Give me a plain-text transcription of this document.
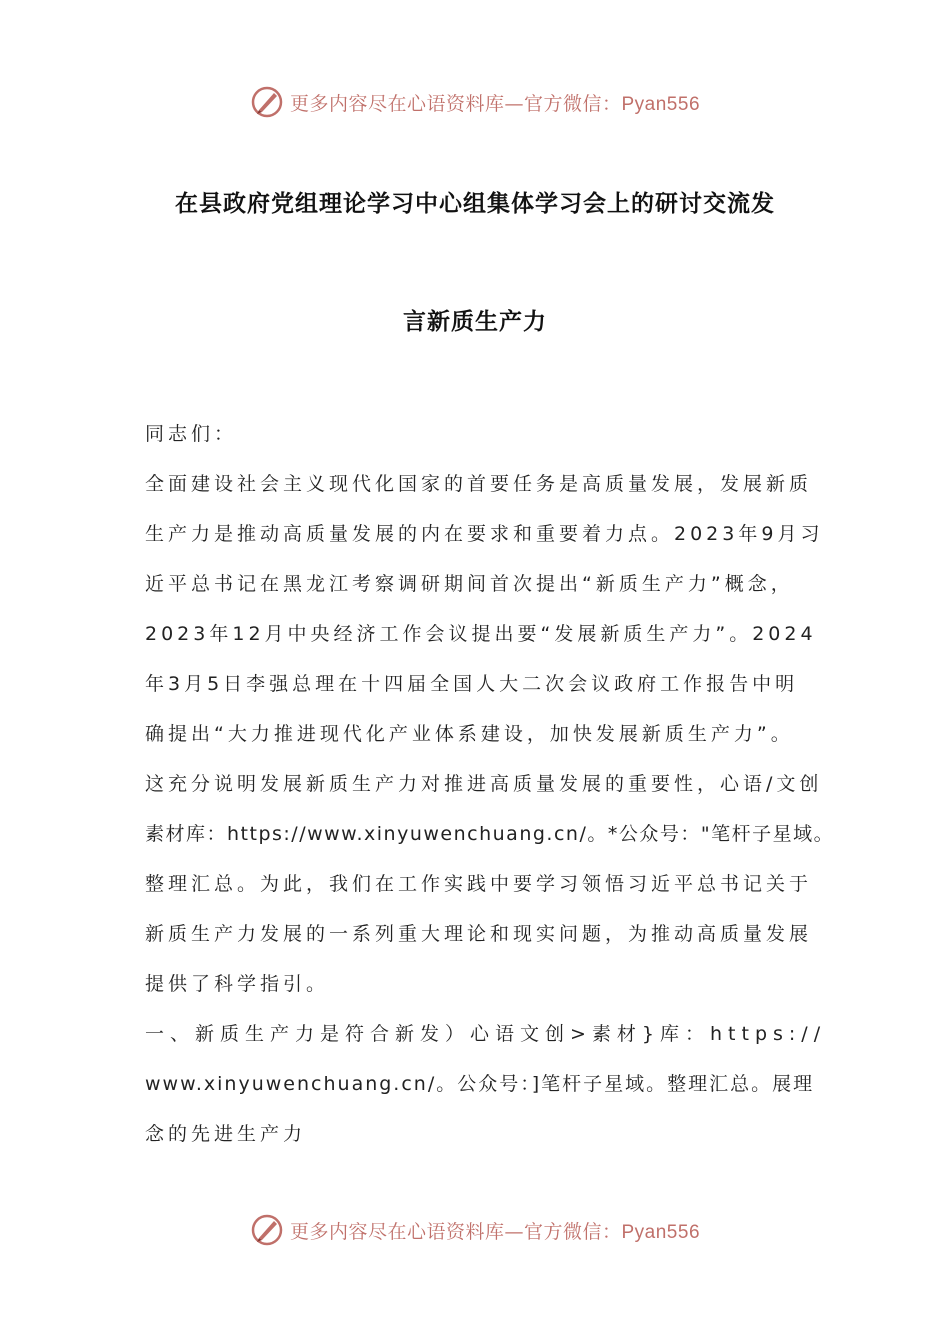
更多内容尽在心语资料库—官方微信：Pyan556
在县政府党组理论学习中心组集体学习会上的研讨交流发
言新质生产力
同志们：
全面建设社会主义现代化国家的首要任务是高质量发展，发展新质
生产力是推动高质量发展的内在要求和重要着力点。2023年9月习
近平总书记在黑龙江考察调研期间首次提出“新质生产力”概念，
2023年12月中央经济工作会议提出要“发展新质生产力”。2024
年3月5日李强总理在十四届全国人大二次会议政府工作报告中明
确提出“大力推进现代化产业体系建设，加快发展新质生产力”。
这充分说明发展新质生产力对推进高质量发展的重要性，心语/文创
素材库：https://www.xinyuwenchuang.cn/。*公众号："笔杆子星域。
整理汇总。为此，我们在工作实践中要学习领悟习近平总书记关于
新质生产力发展的一系列重大理论和现实问题，为推动高质量发展
提供了科学指引。
一、新质生产力是符合新发）心语文创>素材}库：https://
www.xinyuwenchuang.cn/。公众号：]笔杆子星域。整理汇总。展理
念的先进生产力
更多内容尽在心语资料库—官方微信：Pyan556
